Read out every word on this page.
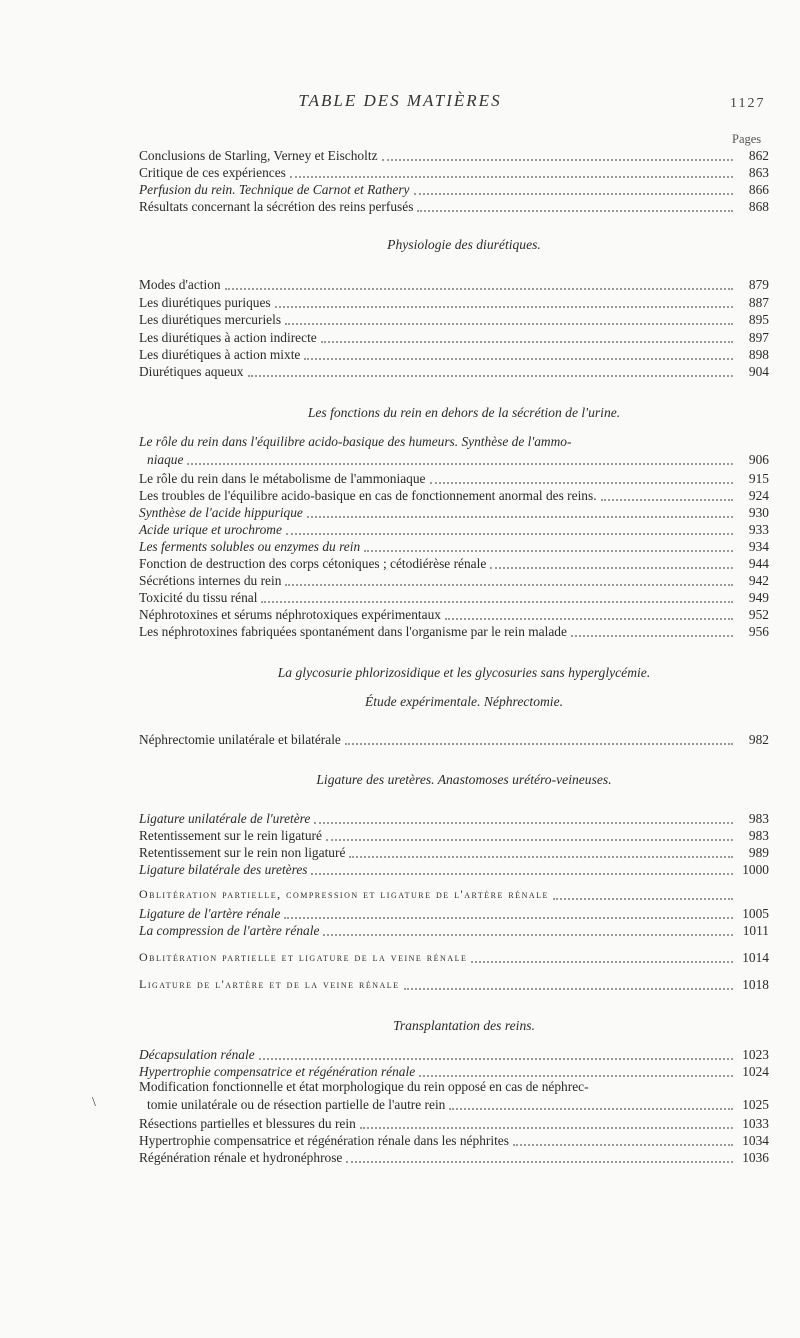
TABLE DES MATIÈRES	1127
Pages
\
Conclusions de Starling, Verney et Eischoltz	862
Critique de ces expériences	863
Perfusion du rein. Technique de Carnot et Rathery	866
Résultats concernant la sécrétion des reins perfusés	868
Physiologie des diurétiques.
Modes d'action	879
Les diurétiques puriques	887
Les diurétiques mercuriels	895
Les diurétiques à action indirecte	897
Les diurétiques à action mixte	898
Diurétiques aqueux	904
Les fonctions du rein en dehors de la sécrétion de l'urine.
Le rôle du rein dans l'équilibre acido-basique des humeurs. Synthèse de l'ammo-
niaque	906
Le rôle du rein dans le métabolisme de l'ammoniaque	915
Les troubles de l'équilibre acido-basique en cas de fonctionnement anormal des reins.	924
Synthèse de l'acide hippurique	930
Acide urique et urochrome	933
Les ferments solubles ou enzymes du rein	934
Fonction de destruction des corps cétoniques ; cétodiérèse rénale	944
Sécrétions internes du rein	942
Toxicité du tissu rénal	949
Néphrotoxines et sérums néphrotoxiques expérimentaux	952
Les néphrotoxines fabriquées spontanément dans l'organisme par le rein malade	956
La glycosurie phlorizosidique et les glycosuries sans hyperglycémie.
Étude expérimentale. Néphrectomie.
Néphrectomie unilatérale et bilatérale	982
Ligature des uretères. Anastomoses urétéro-veineuses.
Ligature unilatérale de l'uretère	983
Retentissement sur le rein ligaturé	983
Retentissement sur le rein non ligaturé	989
Ligature bilatérale des uretères	1000
Oblitération partielle, compression et ligature de l'artère rénale
Ligature de l'artère rénale	1005
La compression de l'artère rénale	1011
Oblitération partielle et ligature de la veine rénale	1014
Ligature de l'artère et de la veine rénale	1018
Transplantation des reins.
Décapsulation rénale	1023
Hypertrophie compensatrice et régénération rénale	1024
Modification fonctionnelle et état morphologique du rein opposé en cas de néphrec-
tomie unilatérale ou de résection partielle de l'autre rein	1025
Résections partielles et blessures du rein	1033
Hypertrophie compensatrice et régénération rénale dans les néphrites	1034
Régénération rénale et hydronéphrose	1036
